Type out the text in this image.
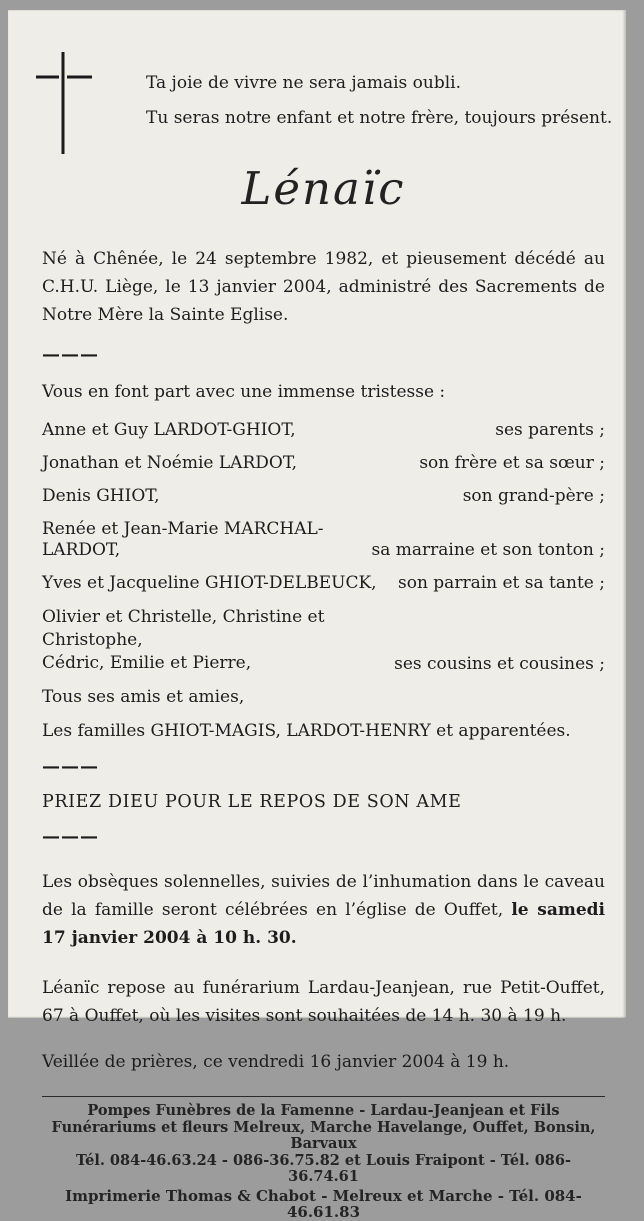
Ta joie de vivre ne sera jamais oubli.
Tu seras notre enfant et notre frère, toujours présent.
Lénaïc

Né à Chênée, le 24 septembre 1982, et pieusement décédé au C.H.U. Liège, le 13 janvier 2004, administré des Sacrements de Notre Mère la Sainte Eglise.

———
Vous en font part avec une immense tristesse :
Anne et Guy LARDOT-GHIOT,	ses parents ;
Jonathan et Noémie LARDOT,	son frère et sa sœur ;
Denis GHIOT,	son grand-père ;
Renée et Jean-Marie MARCHAL-LARDOT,	sa marraine et son tonton ;
Yves et Jacqueline GHIOT-DELBEUCK, son parrain et sa tante ;
Olivier et Christelle, Christine et Christophe,
Cédric, Emilie et Pierre,	ses cousins et cousines ;
Tous ses amis et amies,
Les familles GHIOT-MAGIS, LARDOT-HENRY et apparentées.
———
PRIEZ DIEU POUR LE REPOS DE SON AME
———

Les obsèques solennelles, suivies de l’inhumation dans le caveau de la famille seront célébrées en l’église de Ouffet, le samedi 17 janvier 2004 à 10 h. 30.

Léanïc repose au funérarium Lardau-Jeanjean, rue Petit-Ouffet, 67 à Ouffet, où les visites sont souhaitées de 14 h. 30 à 19 h.

Veillée de prières, ce vendredi 16 janvier 2004 à 19 h.
Pompes Funèbres de la Famenne - Lardau-Jeanjean et Fils
Funérariums et fleurs Melreux, Marche Havelange, Ouffet, Bonsin, Barvaux
Tél. 084-46.63.24 - 086-36.75.82 et Louis Fraipont - Tél. 086-36.74.61
Imprimerie Thomas & Chabot - Melreux et Marche - Tél. 084-46.61.83
